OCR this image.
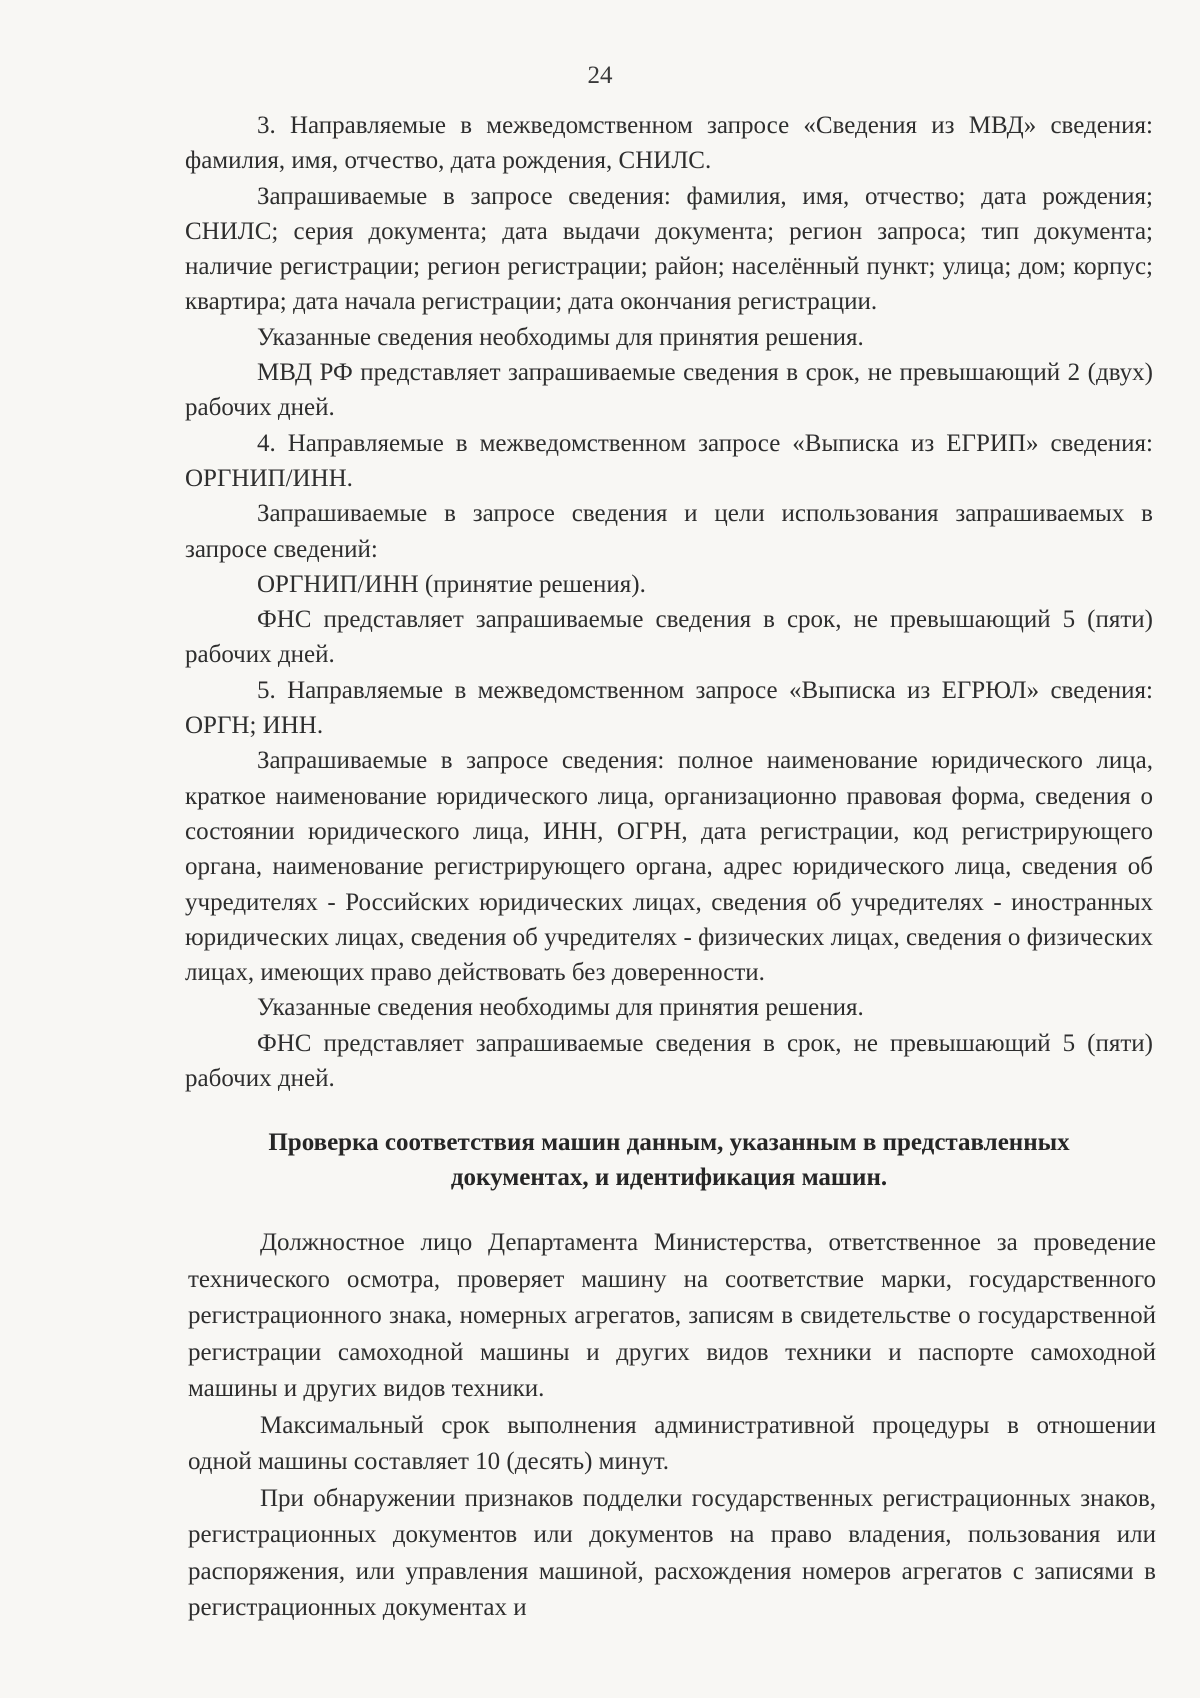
24

3. Направляемые в межведомственном запросе «Сведения из МВД» сведения: фамилия, имя, отчество, дата рождения, СНИЛС.

Запрашиваемые в запросе сведения: фамилия, имя, отчество; дата рождения; СНИЛС; серия документа; дата выдачи документа; регион запроса; тип документа; наличие регистрации; регион регистрации; район; населённый пункт; улица; дом; корпус; квартира; дата начала регистрации; дата окончания регистрации.

Указанные сведения необходимы для принятия решения.

МВД РФ представляет запрашиваемые сведения в срок, не превышающий 2 (двух) рабочих дней.

4. Направляемые в межведомственном запросе «Выписка из ЕГРИП» сведения: ОРГНИП/ИНН.

Запрашиваемые в запросе сведения и цели использования запрашиваемых в запросе сведений:

ОРГНИП/ИНН (принятие решения).

ФНС представляет запрашиваемые сведения в срок, не превышающий 5 (пяти) рабочих дней.

5. Направляемые в межведомственном запросе «Выписка из ЕГРЮЛ» сведения: ОРГН; ИНН.

Запрашиваемые в запросе сведения: полное наименование юридического лица, краткое наименование юридического лица, организационно правовая форма, сведения о состоянии юридического лица, ИНН, ОГРН, дата регистрации, код регистрирующего органа, наименование регистрирующего органа, адрес юридического лица, сведения об учредителях - Российских юридических лицах, сведения об учредителях - иностранных юридических лицах, сведения об учредителях - физических лицах, сведения о физических лицах, имеющих право действовать без доверенности.

Указанные сведения необходимы для принятия решения.

ФНС представляет запрашиваемые сведения в срок, не превышающий 5 (пяти) рабочих дней.

Проверка соответствия машин данным, указанным в представленных
документах, и идентификация машин.

Должностное лицо Департамента Министерства, ответственное за проведение технического осмотра, проверяет машину на соответствие марки, государственного регистрационного знака, номерных агрегатов, записям в свидетельстве о государственной регистрации самоходной машины и других видов техники и паспорте самоходной машины и других видов техники.

Максимальный срок выполнения административной процедуры в отношении одной машины составляет 10 (десять) минут.

При обнаружении признаков подделки государственных регистрационных знаков, регистрационных документов или документов на право владения, пользования или распоряжения, или управления машиной, расхождения номеров агрегатов с записями в регистрационных документах и
